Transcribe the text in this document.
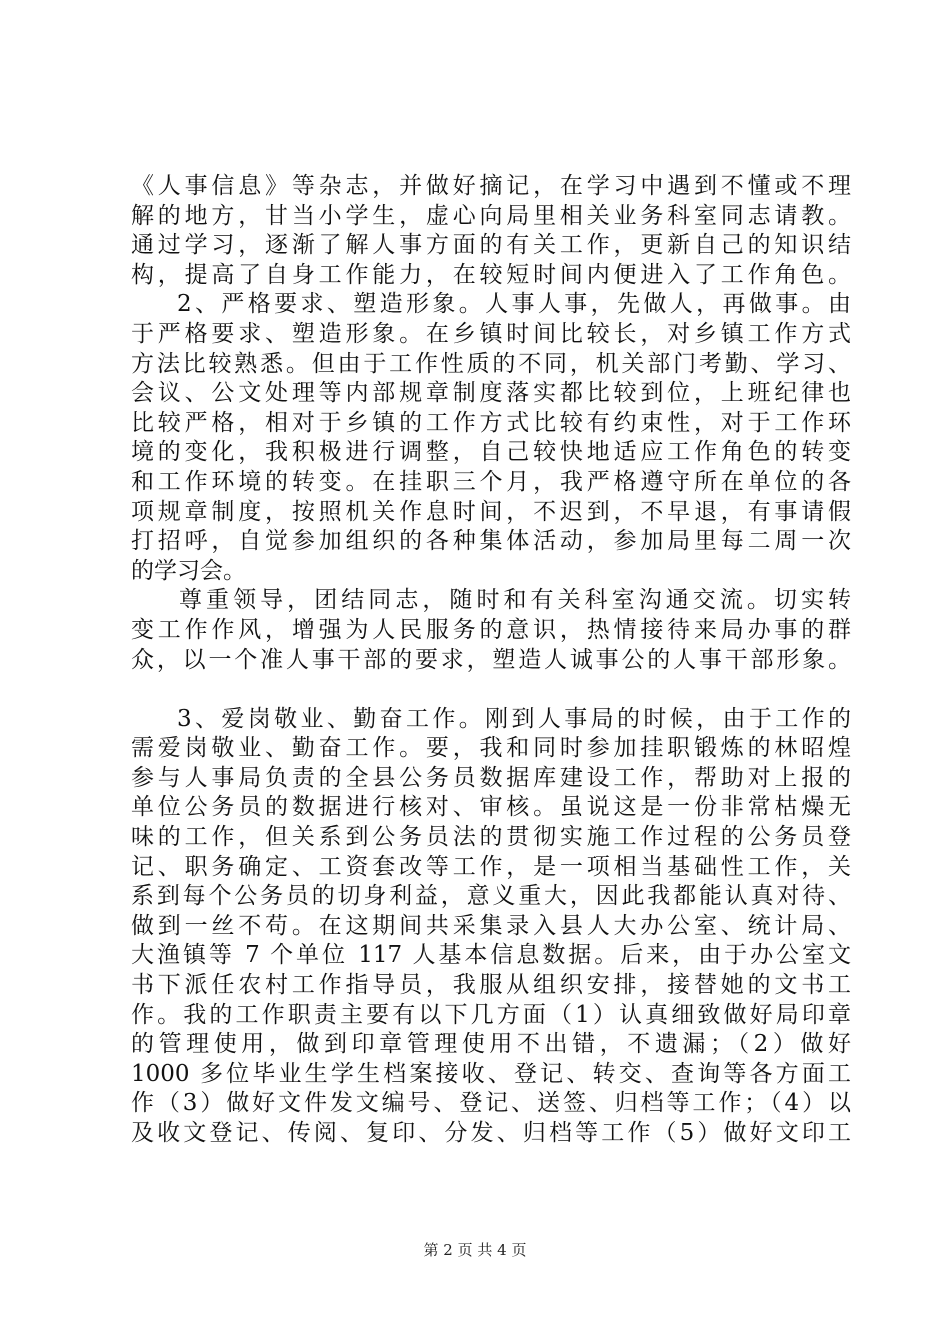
《人事信息》等杂志，并做好摘记，在学习中遇到不懂或不理
解的地方，甘当小学生，虚心向局里相关业务科室同志请教。
通过学习，逐渐了解人事方面的有关工作，更新自己的知识结
构，提高了自身工作能力，在较短时间内便进入了工作角色。
2、严格要求、塑造形象。人事人事，先做人，再做事。由
于严格要求、塑造形象。在乡镇时间比较长，对乡镇工作方式
方法比较熟悉。但由于工作性质的不同，机关部门考勤、学习、
会议、公文处理等内部规章制度落实都比较到位，上班纪律也
比较严格，相对于乡镇的工作方式比较有约束性，对于工作环
境的变化，我积极进行调整，自己较快地适应工作角色的转变
和工作环境的转变。在挂职三个月，我严格遵守所在单位的各
项规章制度，按照机关作息时间，不迟到，不早退，有事请假
打招呼，自觉参加组织的各种集体活动，参加局里每二周一次
的学习会。
尊重领导，团结同志，随时和有关科室沟通交流。切实转
变工作作风，增强为人民服务的意识，热情接待来局办事的群
众，以一个准人事干部的要求，塑造人诚事公的人事干部形象。
3、爱岗敬业、勤奋工作。刚到人事局的时候，由于工作的
需爱岗敬业、勤奋工作。要，我和同时参加挂职锻炼的林昭煌
参与人事局负责的全县公务员数据库建设工作，帮助对上报的
单位公务员的数据进行核对、审核。虽说这是一份非常枯燥无
味的工作，但关系到公务员法的贯彻实施工作过程的公务员登
记、职务确定、工资套改等工作，是一项相当基础性工作，关
系到每个公务员的切身利益，意义重大，因此我都能认真对待、
做到一丝不苟。在这期间共采集录入县人大办公室、统计局、
大渔镇等 7 个单位 117 人基本信息数据。后来，由于办公室文
书下派任农村工作指导员，我服从组织安排，接替她的文书工
作。我的工作职责主要有以下几方面（1）认真细致做好局印章
的管理使用，做到印章管理使用不出错，不遗漏；（2）做好
1000 多位毕业生学生档案接收、登记、转交、查询等各方面工
作（3）做好文件发文编号、登记、送签、归档等工作；（4）以
及收文登记、传阅、复印、分发、归档等工作（5）做好文印工
第 2 页 共 4 页
